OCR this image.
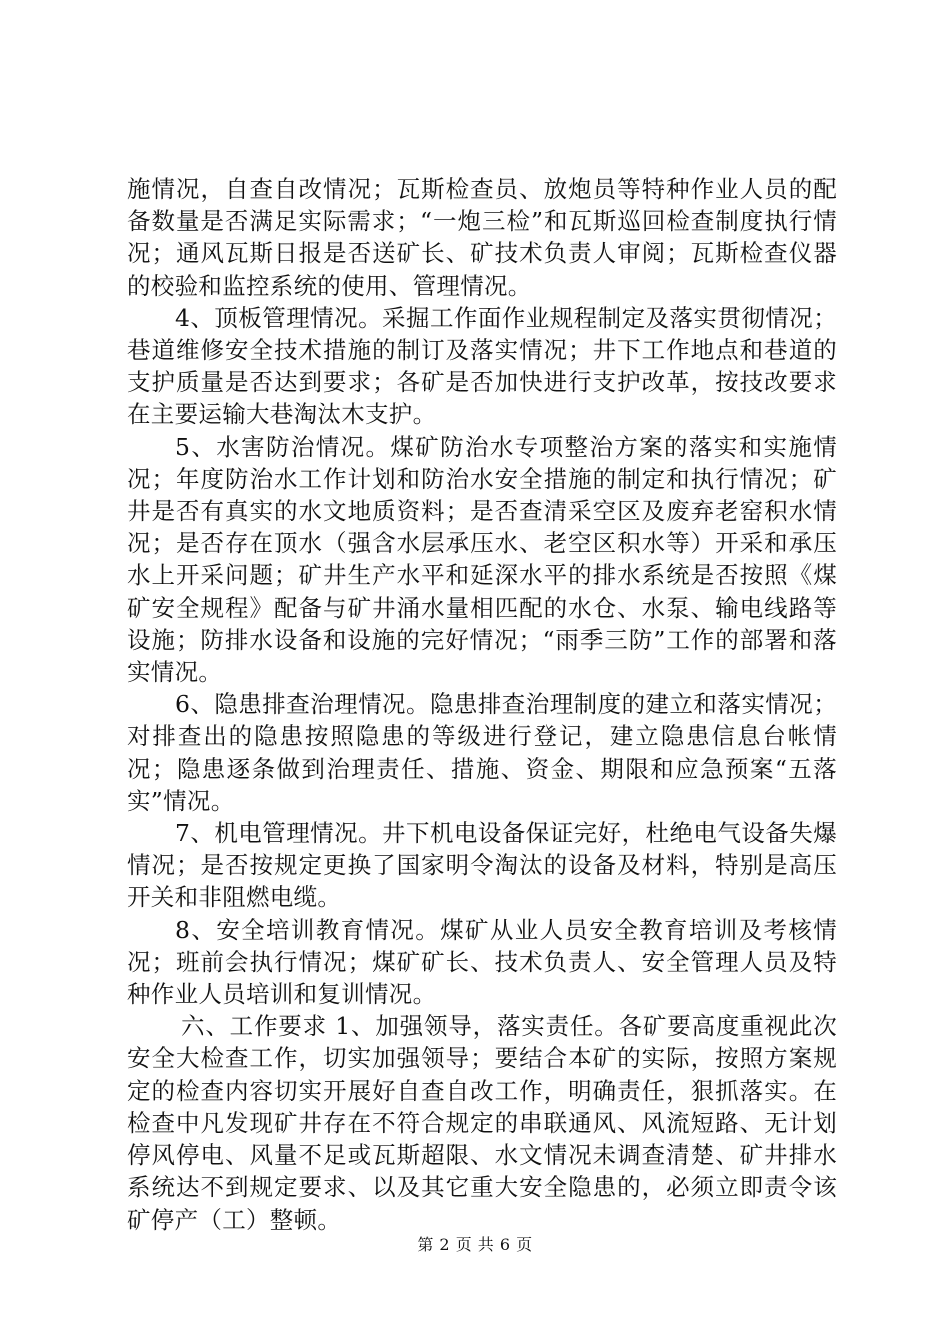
施情况，自查自改情况；瓦斯检查员、放炮员等特种作业人员的配备数量是否满足实际需求；“一炮三检”和瓦斯巡回检查制度执行情况；通风瓦斯日报是否送矿长、矿技术负责人审阅；瓦斯检查仪器的校验和监控系统的使用、管理情况。

4、顶板管理情况。采掘工作面作业规程制定及落实贯彻情况；巷道维修安全技术措施的制订及落实情况；井下工作地点和巷道的支护质量是否达到要求；各矿是否加快进行支护改革，按技改要求在主要运输大巷淘汰木支护。

5、水害防治情况。煤矿防治水专项整治方案的落实和实施情况；年度防治水工作计划和防治水安全措施的制定和执行情况；矿井是否有真实的水文地质资料；是否查清采空区及废弃老窑积水情况；是否存在顶水（强含水层承压水、老空区积水等）开采和承压水上开采问题；矿井生产水平和延深水平的排水系统是否按照《煤矿安全规程》配备与矿井涌水量相匹配的水仓、水泵、输电线路等设施；防排水设备和设施的完好情况；“雨季三防”工作的部署和落实情况。

6、隐患排查治理情况。隐患排查治理制度的建立和落实情况；对排查出的隐患按照隐患的等级进行登记，建立隐患信息台帐情况；隐患逐条做到治理责任、措施、资金、期限和应急预案“五落实”情况。

7、机电管理情况。井下机电设备保证完好，杜绝电气设备失爆情况；是否按规定更换了国家明令淘汰的设备及材料，特别是高压开关和非阻燃电缆。

8、安全培训教育情况。煤矿从业人员安全教育培训及考核情况；班前会执行情况；煤矿矿长、技术负责人、安全管理人员及特种作业人员培训和复训情况。

六、工作要求 1、加强领导，落实责任。各矿要高度重视此次安全大检查工作，切实加强领导；要结合本矿的实际，按照方案规定的检查内容切实开展好自查自改工作，明确责任，狠抓落实。在检查中凡发现矿井存在不符合规定的串联通风、风流短路、无计划停风停电、风量不足或瓦斯超限、水文情况未调查清楚、矿井排水系统达不到规定要求、以及其它重大安全隐患的，必须立即责令该矿停产（工）整顿。

第 2 页 共 6 页
